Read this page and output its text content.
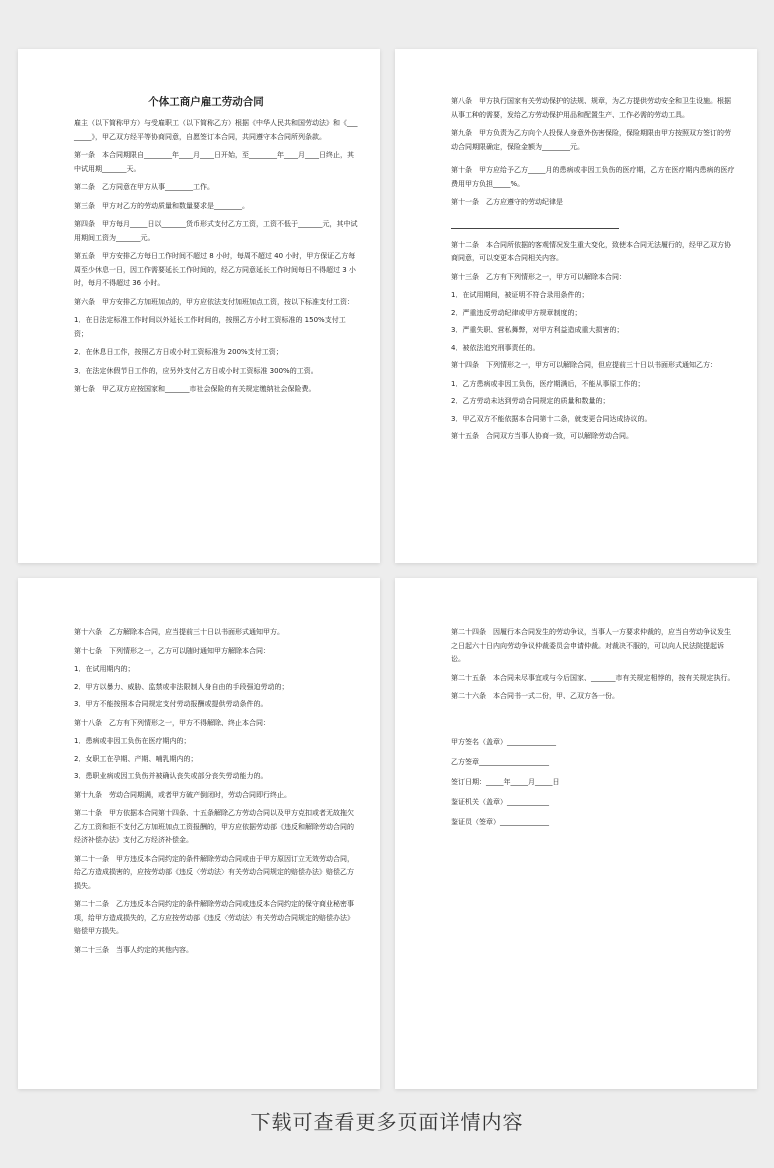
个体工商户雇工劳动合同
雇主（以下简称甲方）与受雇职工（以下简称乙方）根据《中华人民共和国劳动法》和《________》，甲乙双方经平等协商同意，自愿签订本合同，共同遵守本合同所列条款。
第一条　本合同期限自________年____月____日开始，至________年____月____日终止，其中试用期_______天。
第二条　乙方同意在甲方从事________工作。
第三条　甲方对乙方的劳动质量和数量要求是________。
第四条　甲方每月_____日以_______货币形式支付乙方工资，工资不低于_______元，其中试用期间工资为_______元。
第五条　甲方安排乙方每日工作时间不超过 8 小时，每周不超过 40 小时，甲方保证乙方每周至少休息一日，因工作需要延长工作时间的，经乙方同意延长工作时间每日不得超过 3 小时，每月不得超过 36 小时。
第六条　甲方安排乙方加班加点的，甲方应依法支付加班加点工资，按以下标准支付工资：
1．在日法定标准工作时间以外延长工作时间的，按照乙方小时工资标准的 150%支付工资；
2．在休息日工作，按照乙方日或小时工资标准为 200%支付工资；
3．在法定休假节日工作的，应另外支付乙方日或小时工资标准 300%的工资。
第七条　甲乙双方应按国家和_______市社会保险的有关规定缴纳社会保险费。
第八条　甲方执行国家有关劳动保护的法规、规章，为乙方提供劳动安全和卫生设施。根据从事工种的需要，发给乙方劳动保护用品和配置生产、工作必需的劳动工具。
第九条　甲方负责为乙方向个人投保人身意外伤害保险，保险期限由甲方按照双方签订的劳动合同期限确定，保险金额为________元。
第十条　甲方应给予乙方_____月的患病或非因工负伤的医疗期，乙方在医疗期内患病的医疗费用甲方负担_____%。
第十一条　乙方应遵守的劳动纪律是
第十二条　本合同所依据的客观情况发生重大变化，致使本合同无法履行的，经甲乙双方协商同意，可以变更本合同相关内容。
第十三条　乙方有下列情形之一，甲方可以解除本合同：
1．在试用期间，被证明不符合录用条件的；
2．严重违反劳动纪律或甲方规章制度的；
3．严重失职、营私舞弊，对甲方利益造成重大损害的；
4．被依法追究刑事责任的。
第十四条　下列情形之一，甲方可以解除合同，但应提前三十日以书面形式通知乙方：
1．乙方患病或非因工负伤，医疗期满后，不能从事原工作的；
2．乙方劳动未达到劳动合同规定的质量和数量的；
3．甲乙双方不能依据本合同第十二条，就变更合同达成协议的。
第十五条　合同双方当事人协商一致，可以解除劳动合同。
第十六条　乙方解除本合同，应当提前三十日以书面形式通知甲方。
第十七条　下列情形之一，乙方可以随时通知甲方解除本合同：
1．在试用期内的；
2．甲方以暴力、威胁、监禁或非法限制人身自由的手段强迫劳动的；
3．甲方不能按照本合同规定支付劳动报酬或提供劳动条件的。
第十八条　乙方有下列情形之一，甲方不得解除、终止本合同：
1．患病或非因工负伤在医疗期内的；
2．女职工在孕期、产期、哺乳期内的；
3．患职业病或因工负伤并被确认丧失或部分丧失劳动能力的。
第十九条　劳动合同期满，或者甲方破产倒闭时，劳动合同即行终止。
第二十条　甲方依据本合同第十四条、十五条解除乙方劳动合同以及甲方克扣或者无故拖欠乙方工资和拒不支付乙方加班加点工资报酬的，甲方应依据劳动部《违反和解除劳动合同的经济补偿办法》支付乙方经济补偿金。
第二十一条　甲方违反本合同约定的条件解除劳动合同或由于甲方原因订立无效劳动合同，给乙方造成损害的，应按劳动部《违反〈劳动法〉有关劳动合同规定的赔偿办法》赔偿乙方损失。
第二十二条　乙方违反本合同约定的条件解除劳动合同或违反本合同约定的保守商业秘密事项，给甲方造成损失的，乙方应按劳动部《违反〈劳动法〉有关劳动合同规定的赔偿办法》赔偿甲方损失。
第二十三条　当事人约定的其他内容。
第二十四条　因履行本合同发生的劳动争议，当事人一方要求仲裁的，应当自劳动争议发生之日起六十日内向劳动争议仲裁委员会申请仲裁。对裁决不服的，可以向人民法院提起诉讼。
第二十五条　本合同未尽事宜或与今后国家、_______市有关规定相悖的，按有关规定执行。
第二十六条　本合同书一式二份，甲、乙双方各一份。
甲方签名（盖章）______________
乙方签章____________________
签订日期：_____年_____月_____日
鉴证机关（盖章）____________
鉴证员（签章）______________
下载可查看更多页面详情内容
